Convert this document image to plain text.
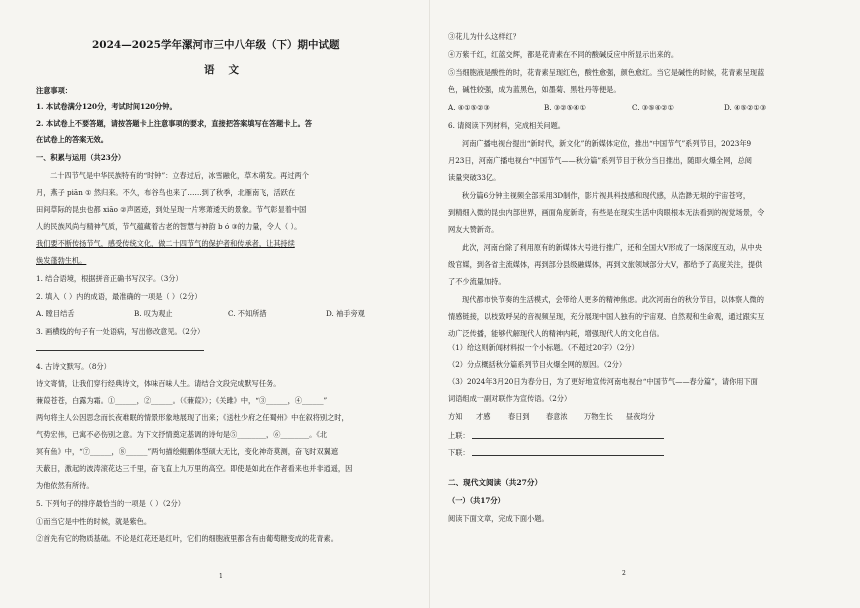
2024—2025学年漯河市三中八年级（下）期中试题
语文
注意事项：
1. 本试卷满分120分，考试时间120分钟。
2. 本试卷上不要答题，请按答题卡上注意事项的要求，直接把答案填写在答题卡上。答
在试卷上的答案无效。
一、积累与运用（共23分）
二十四节气是中华民族特有的“时钟”：立春过后，冰雪融化，草木萌发。再过两个
月，燕子 piān ① 然归来。不久，布谷鸟也来了……到了秋季，北雁南飞，活跃在
田间草际的昆虫也都 xiāo ②声匿迹，到处呈现一片寒萧逶天的景象。节气彰显着中国
人的民族风尚与精神气质，节气蕴藏着古老的智慧与神韵 b ó ③的力量，令人（ ）。
我们要不断传扬节气，感受传统文化，做二十四节气的保护者和传承者，让其持续
焕发蓬勃生机。
1. 结合语境，根据拼音正确书写汉字。（3分）
2. 填入（ ）内的成语，最准确的一项是（ ）（2分）
A. 瞠目结舌	B. 叹为观止	C. 不知所措	D. 袖手旁观
3. 画横线的句子有一处语病，写出修改意见。（2分）
4. 古诗文默写。（8分）
诗文寄情，让我们穿行经典诗文，体味百味人生。请结合文段完成默写任务。
蒹葭苍苍，白露为霜。①______，②______。（《蒹葭》）；《关雎》中，“③______，④______”
两句将主人公因思念而长夜难眠的情景形象地展现了出来；《送杜少府之任蜀州》中在叙将别之时，
气势宏伟，已寓不必伤别之意。为下文抒情奠定基调的诗句是⑤________，⑥________。《北
冥有鱼》中，“⑦______，⑧______”两句描绘鲲鹏体型硕大无比，变化神奇莫测，奋飞时双翼遮
天蔽日，激起的波涛滚花达三千里，奋飞直上九万里的高空。即使是如此在作者看来也并非逍遥，因
为他依然有所待。
5. 下列句子的排序最恰当的一项是（ ）（2分）
①而当它是中性的时候，就是紫色。
②首先有它的物质基础。不论是红花还是红叶，它们的细胞液里都含有由葡萄糖变成的花青素。
1
③花儿为什么这样红？
④万紫千红，红蓝交辉，都是花青素在不同的酸碱反应中所显示出来的。
⑤当细胞液是酸性的时，花青素呈现红色，酸性愈强，颜色愈红。当它是碱性的时候，花青素呈现蓝
色，碱性较强，成为蓝黑色，如墨菊、黑牡丹等便是。
A. ④①⑤②③	B. ③②⑤④①	C. ③⑤④②①	D. ④⑤②①③
6. 请阅读下列材料，完成相关问题。
河南广播电视台提出“新时代，新文化”的新媒体定位，推出“中国节气”系列节目，2023年9
月23日，河南广播电视台“中国节气——秋分篇”系列节目于秋分当日推出，随即火爆全网，总阅
读量突破33亿。
秋分篇6分钟主视频全部采用3D制作，影片视具科技感和现代感，从浩渺无垠的宇宙苍穹，
到精细入微的昆虫内部世界，画面角度新奇，有些是在现实生活中肉眼根本无法看到的视觉场景，令
网友大赞新奇。
此次，河南台除了利用原有的新媒体大号进行推广，还和全国大V形成了一场深度互动，从中央
级官媒，到各省主流媒体，再到部分县级融媒体，再到文旅领域部分大V，都给予了高度关注，提供
了不少流量加持。
现代都市快节奏的生活模式，会带给人更多的精神焦虑。此次河南台的秋分节目，以体察人微的
情感链接，以枝致呼吴的音视频呈现，充分展现中国人独有的宇宙观、自然观和生命观，通过跟实互
动广泛传播，能够代解现代人的精神内耗，增强现代人的文化自信。
（1）给这则新闻材料拟一个小标题。（不超过20字）（2分）
（2）分点概括秋分篇系列节目火爆全网的原因。（2分）
（3）2024年3月20日为春分日，为了更好地宣传河南电视台“中国节气——春分篇”，请你用下面
词语组成一副对联作为宣传语。（2分）
方知 才感 春日到 春意浓 万物生长 昼夜均分
上联：
下联：
二、现代文阅读（共27分）
（一）（共17分）
阅读下面文章，完成下面小题。
2
